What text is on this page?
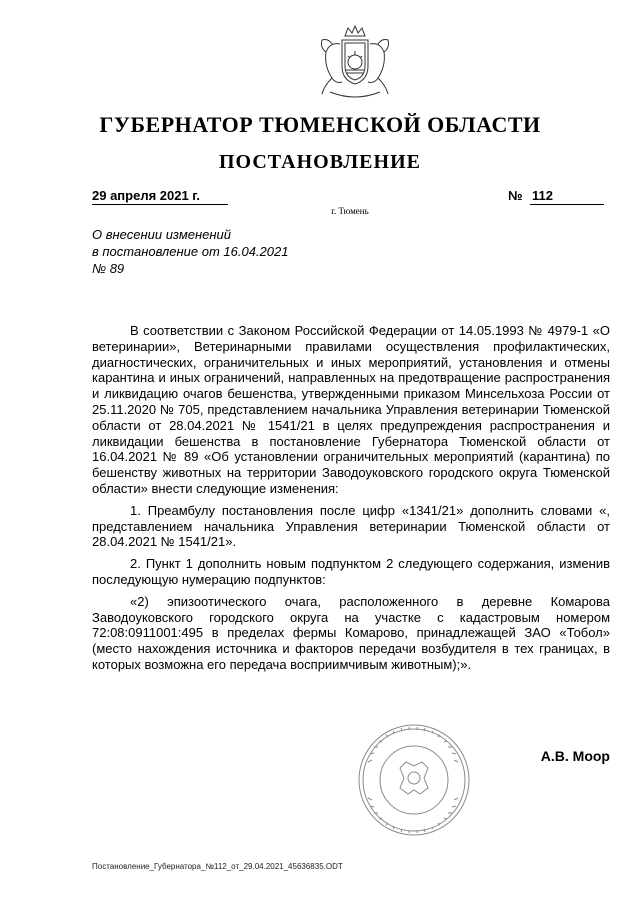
ГУБЕРНАТОР ТЮМЕНСКОЙ ОБЛАСТИ
ПОСТАНОВЛЕНИЕ
29 апреля 2021 г.	№ 112
г. Тюмень
О внесении изменений
в постановление от 16.04.2021
№ 89

В соответствии с Законом Российской Федерации от 14.05.1993 № 4979-1 «О ветеринарии», Ветеринарными правилами осуществления профилактических, диагностических, ограничительных и иных мероприятий, установления и отмены карантина и иных ограничений, направленных на предотвращение распространения и ликвидацию очагов бешенства, утвержденными приказом Минсельхоза России от 25.11.2020 № 705, представлением начальника Управления ветеринарии Тюменской области от 28.04.2021 № 1541/21 в целях предупреждения распространения и ликвидации бешенства в постановление Губернатора Тюменской области от 16.04.2021 № 89 «Об установлении ограничительных мероприятий (карантина) по бешенству животных на территории Заводоуковского городского округа Тюменской области» внести следующие изменения:

1. Преамбулу постановления после цифр «1341/21» дополнить словами «, представлением начальника Управления ветеринарии Тюменской области от 28.04.2021 № 1541/21».

2. Пункт 1 дополнить новым подпунктом 2 следующего содержания, изменив последующую нумерацию подпунктов:

«2) эпизоотического очага, расположенного в деревне Комарова Заводоуковского городского округа на участке с кадастровым номером 72:08:0911001:495 в пределах фермы Комарово, принадлежащей ЗАО «Тобол» (место нахождения источника и факторов передачи возбудителя в тех границах, в которых возможна его передача восприимчивым животным);».

А.В. Моор
Постановление_Губернатора_№112_от_29.04.2021_45636835.ODT
